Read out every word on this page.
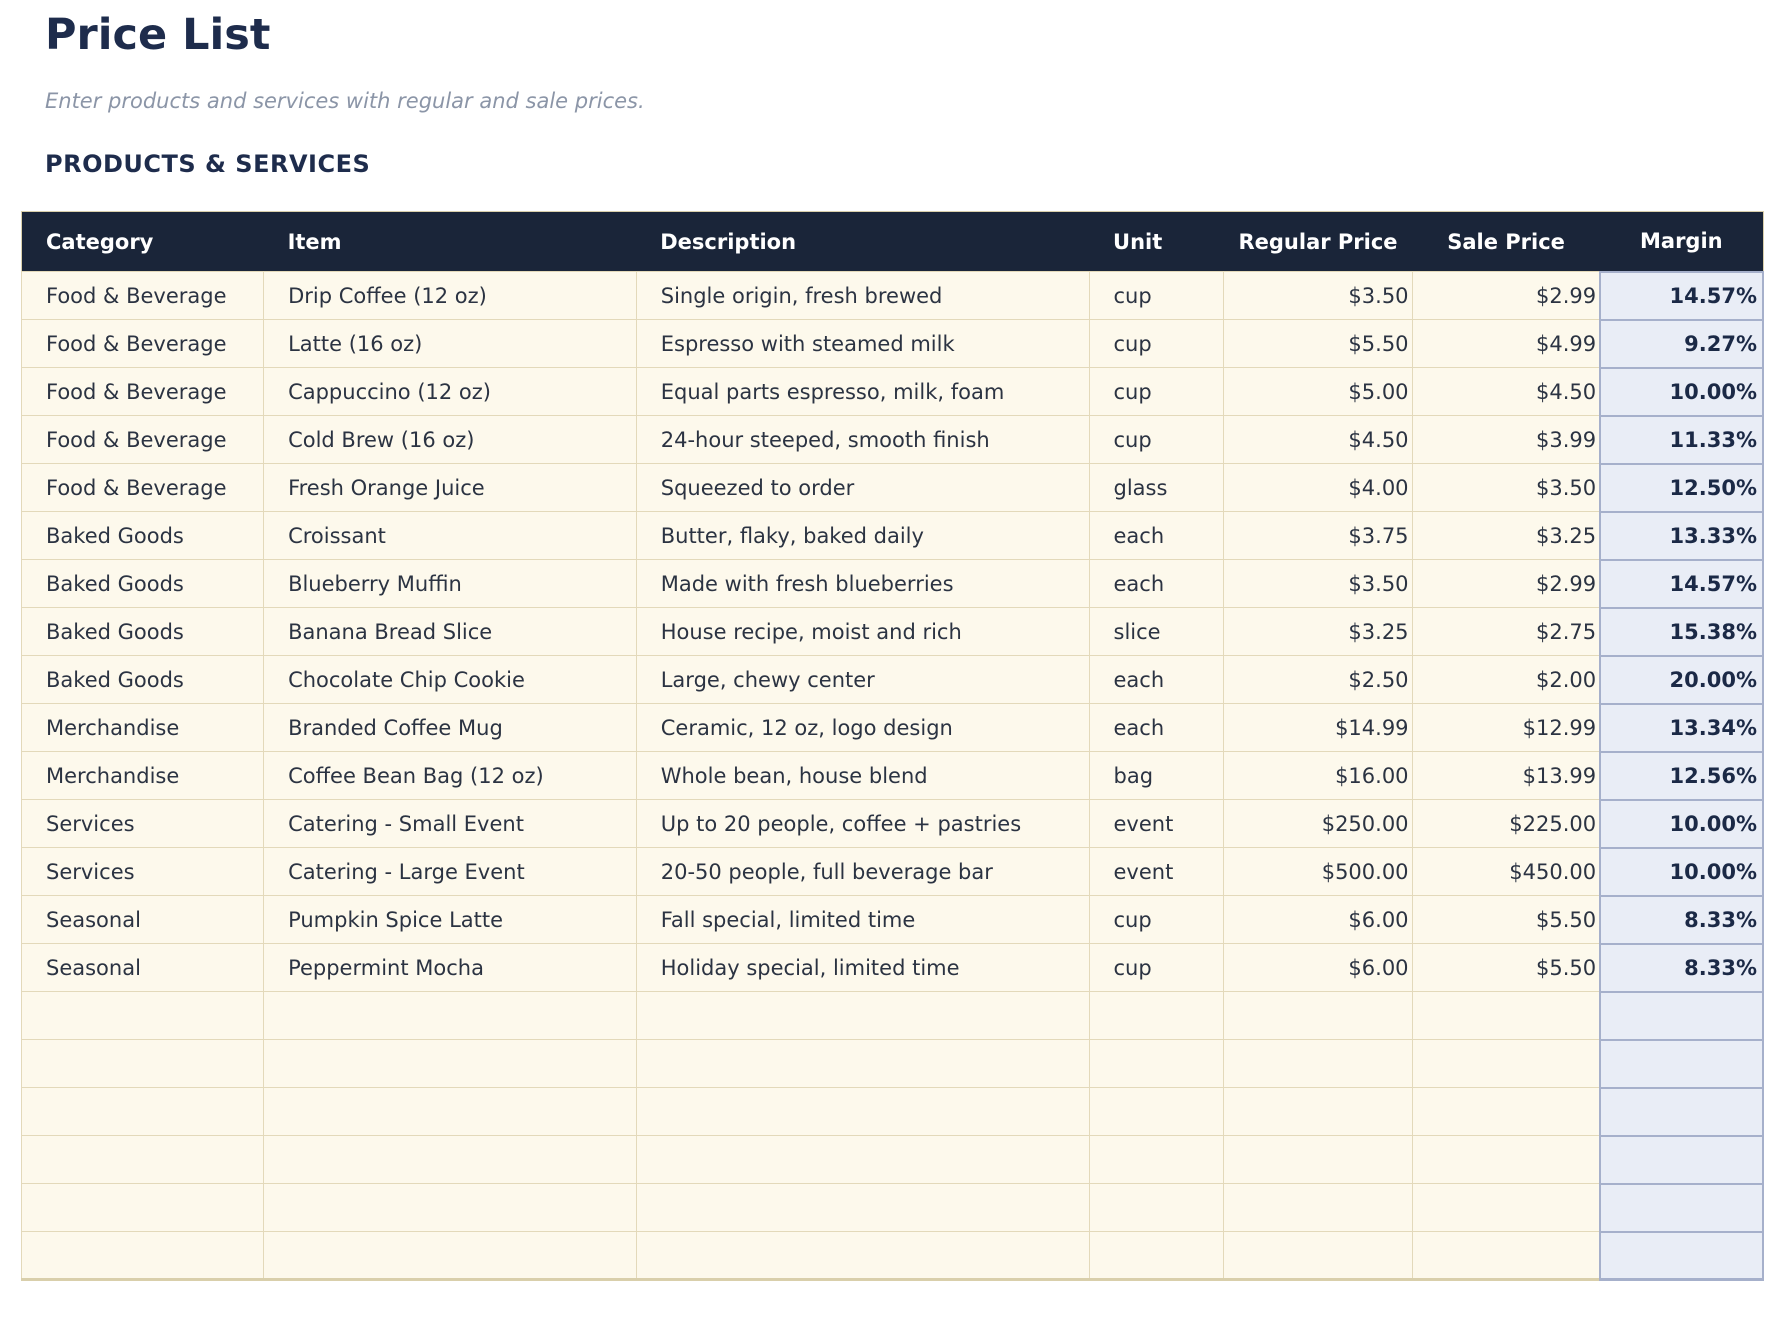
Price List

Enter products and services with regular and sale prices.

PRODUCTS & SERVICES
Category	Item	Description	Unit	Regular Price	Sale Price	Margin
Food & Beverage	Drip Coffee (12 oz)	Single origin, fresh brewed	cup	$3.50	$2.99	14.57%
Food & Beverage	Latte (16 oz)	Espresso with steamed milk	cup	$5.50	$4.99	9.27%
Food & Beverage	Cappuccino (12 oz)	Equal parts espresso, milk, foam	cup	$5.00	$4.50	10.00%
Food & Beverage	Cold Brew (16 oz)	24-hour steeped, smooth finish	cup	$4.50	$3.99	11.33%
Food & Beverage	Fresh Orange Juice	Squeezed to order	glass	$4.00	$3.50	12.50%
Baked Goods	Croissant	Butter, flaky, baked daily	each	$3.75	$3.25	13.33%
Baked Goods	Blueberry Muffin	Made with fresh blueberries	each	$3.50	$2.99	14.57%
Baked Goods	Banana Bread Slice	House recipe, moist and rich	slice	$3.25	$2.75	15.38%
Baked Goods	Chocolate Chip Cookie	Large, chewy center	each	$2.50	$2.00	20.00%
Merchandise	Branded Coffee Mug	Ceramic, 12 oz, logo design	each	$14.99	$12.99	13.34%
Merchandise	Coffee Bean Bag (12 oz)	Whole bean, house blend	bag	$16.00	$13.99	12.56%
Services	Catering - Small Event	Up to 20 people, coffee + pastries	event	$250.00	$225.00	10.00%
Services	Catering - Large Event	20-50 people, full beverage bar	event	$500.00	$450.00	10.00%
Seasonal	Pumpkin Spice Latte	Fall special, limited time	cup	$6.00	$5.50	8.33%
Seasonal	Peppermint Mocha	Holiday special, limited time	cup	$6.00	$5.50	8.33%
